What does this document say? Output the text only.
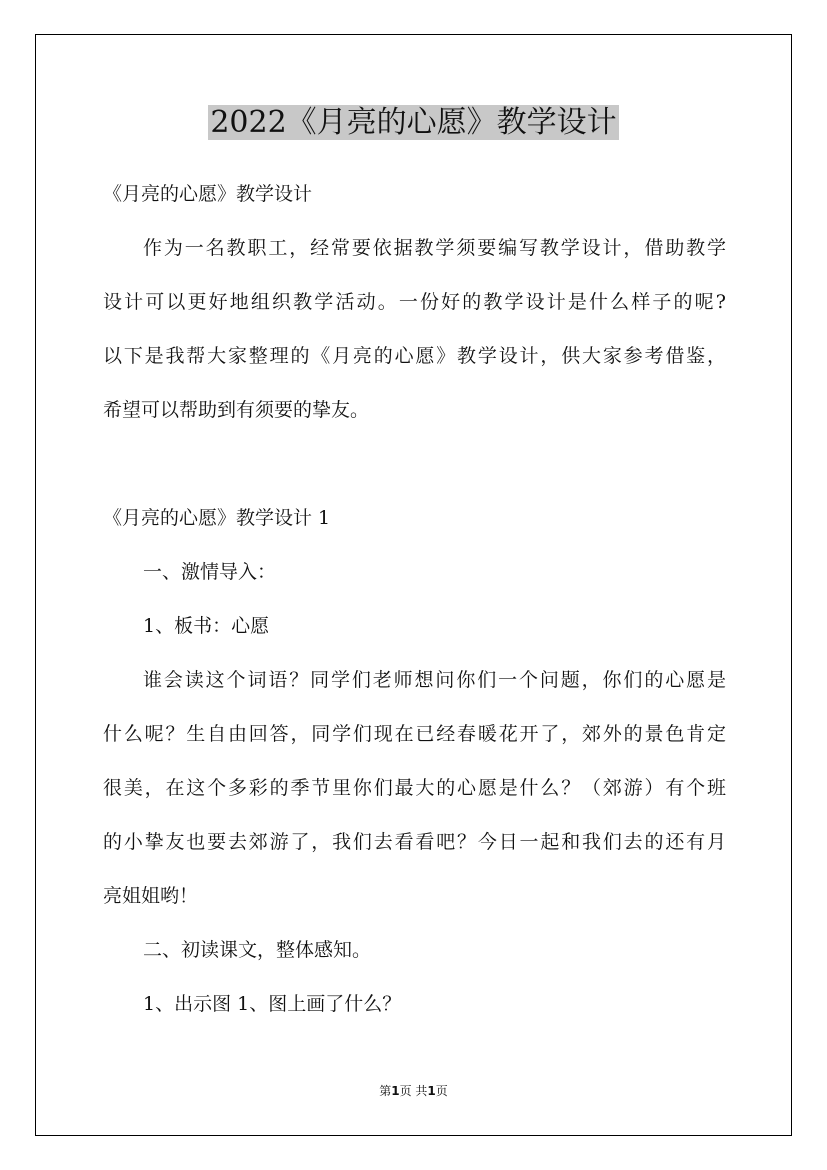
2022《月亮的心愿》教学设计
《月亮的心愿》教学设计
作为一名教职工，经常要依据教学须要编写教学设计，借助教学
设计可以更好地组织教学活动。一份好的教学设计是什么样子的呢?
以下是我帮大家整理的《月亮的心愿》教学设计，供大家参考借鉴，
希望可以帮助到有须要的挚友。
《月亮的心愿》教学设计 1
一、激情导入：
1、板书：心愿
谁会读这个词语？同学们老师想问你们一个问题，你们的心愿是
什么呢？生自由回答，同学们现在已经春暖花开了，郊外的景色肯定
很美，在这个多彩的季节里你们最大的心愿是什么？（郊游）有个班
的小挚友也要去郊游了，我们去看看吧？今日一起和我们去的还有月
亮姐姐哟！
二、初读课文，整体感知。
1、出示图 1、图上画了什么？
第1页 共1页
